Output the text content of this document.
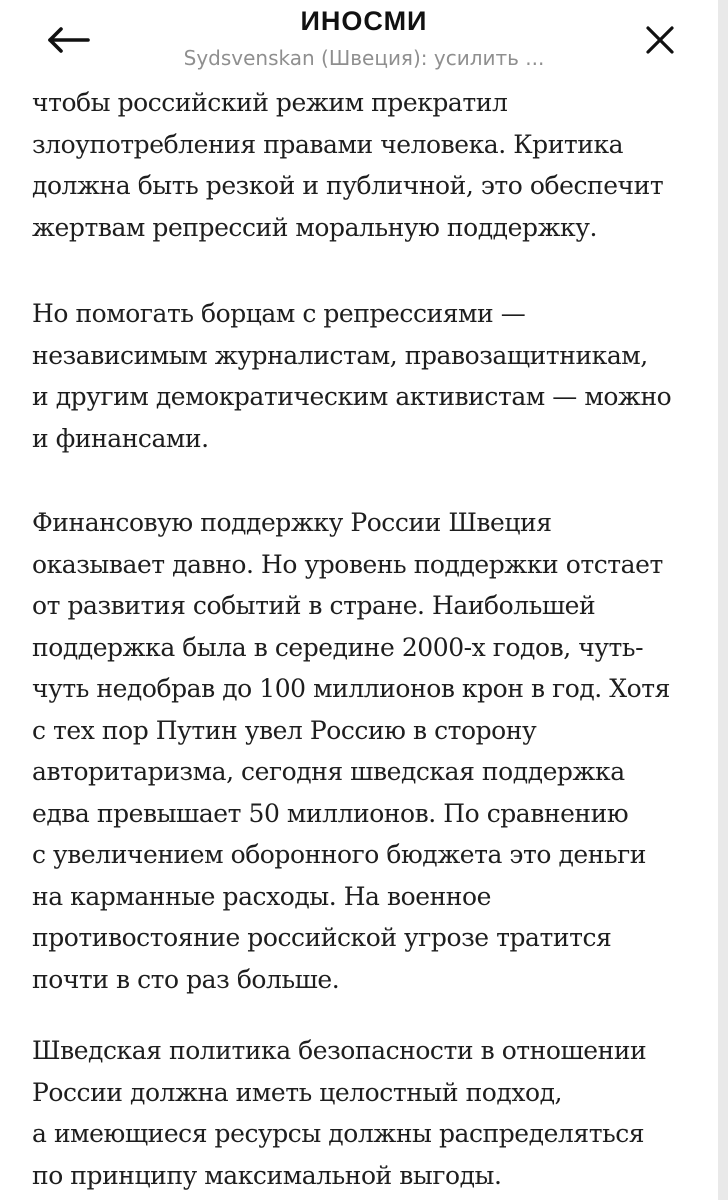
ИНОСМИ
Sydsvenskan (Швеция): усилить ...

чтобы российский режим прекратил
злоупотребления правами человека. Критика
должна быть резкой и публичной, это обеспечит
жертвам репрессий моральную поддержку.

Но помогать борцам с репрессиями —
независимым журналистам, правозащитникам,
и другим демократическим активистам — можно
и финансами.

Финансовую поддержку России Швеция
оказывает давно. Но уровень поддержки отстает
от развития событий в стране. Наибольшей
поддержка была в середине 2000-х годов, чуть-
чуть недобрав до 100 миллионов крон в год. Хотя
с тех пор Путин увел Россию в сторону
авторитаризма, сегодня шведская поддержка
едва превышает 50 миллионов. По сравнению
с увеличением оборонного бюджета это деньги
на карманные расходы. На военное
противостояние российской угрозе тратится
почти в сто раз больше.

Шведская политика безопасности в отношении
России должна иметь целостный подход,
а имеющиеся ресурсы должны распределяться
по принципу максимальной выгоды.
